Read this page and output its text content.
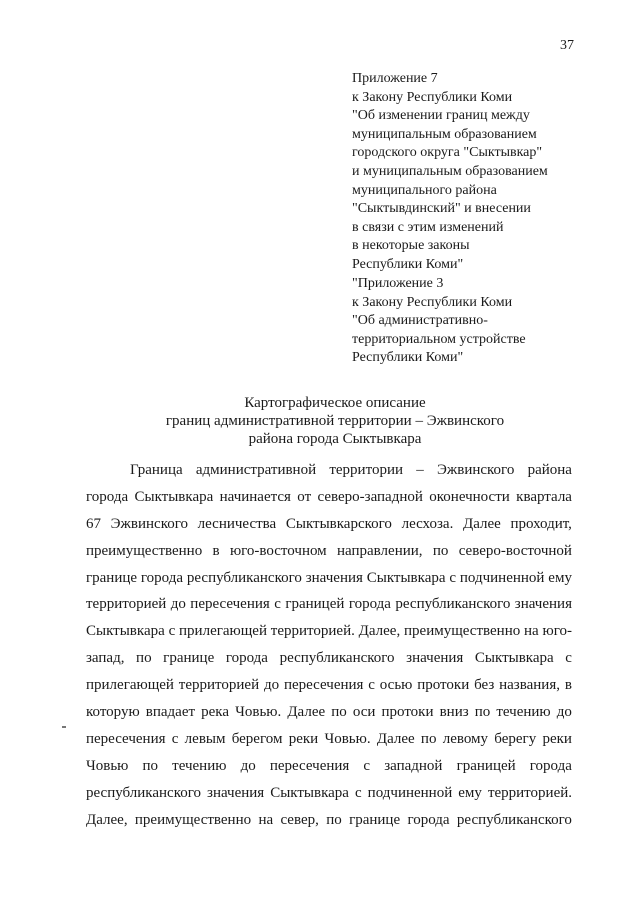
37
Приложение 7
к Закону Республики Коми
"Об изменении границ между
муниципальным образованием
городского округа "Сыктывкар"
и муниципальным образованием
муниципального района
"Сыктывдинский" и внесении
в связи с этим изменений
в некоторые законы
Республики Коми"
"Приложение 3
к Закону Республики Коми
"Об административно-
территориальном устройстве
Республики Коми"
Картографическое описание
границ административной территории – Эжвинского
района города Сыктывкара
Граница административной территории – Эжвинского района
города Сыктывкара начинается от северо-западной оконечности квартала
67 Эжвинского лесничества Сыктывкарского лесхоза. Далее проходит,
преимущественно в юго-восточном направлении, по северо-восточной
границе города республиканского значения Сыктывкара с подчиненной ему
территорией до пересечения с границей города республиканского значения
Сыктывкара с прилегающей территорией. Далее, преимущественно на юго-
запад, по границе города республиканского значения Сыктывкара с
прилегающей территорией до пересечения с осью протоки без названия, в
которую впадает река Човью. Далее по оси протоки вниз по течению до
пересечения с левым берегом реки Човью. Далее по левому берегу реки
Човью по течению до пересечения с западной границей города
республиканского значения Сыктывкара с подчиненной ему территорией.
Далее, преимущественно на север, по границе города республиканского
